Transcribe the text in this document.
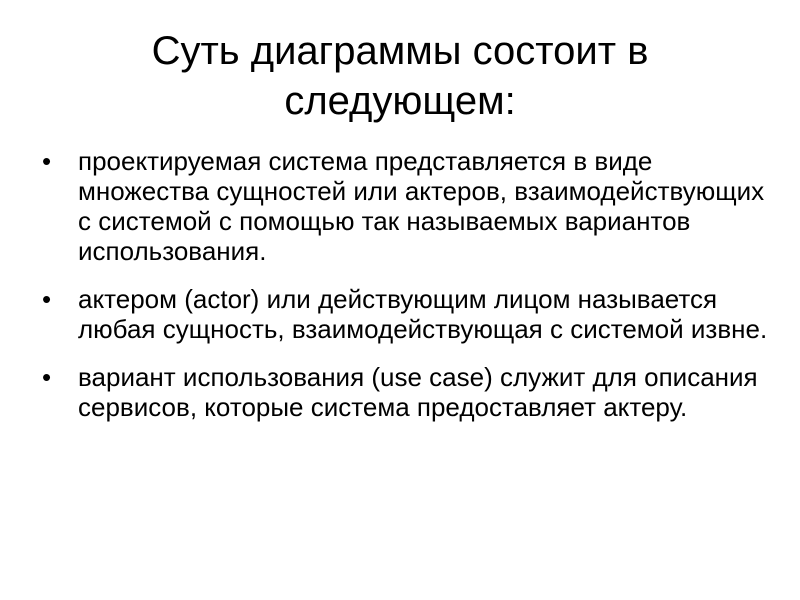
Суть диаграммы состоит в следующем:
•	проектируемая система представляется в виде множества сущностей или актеров, взаимодействующих с системой с помощью так называемых вариантов использования.
•	актером (actor) или действующим лицом называется любая сущность, взаимодействующая с системой извне.
•	вариант использования (use case) служит для описания сервисов, которые система предоставляет актеру.
